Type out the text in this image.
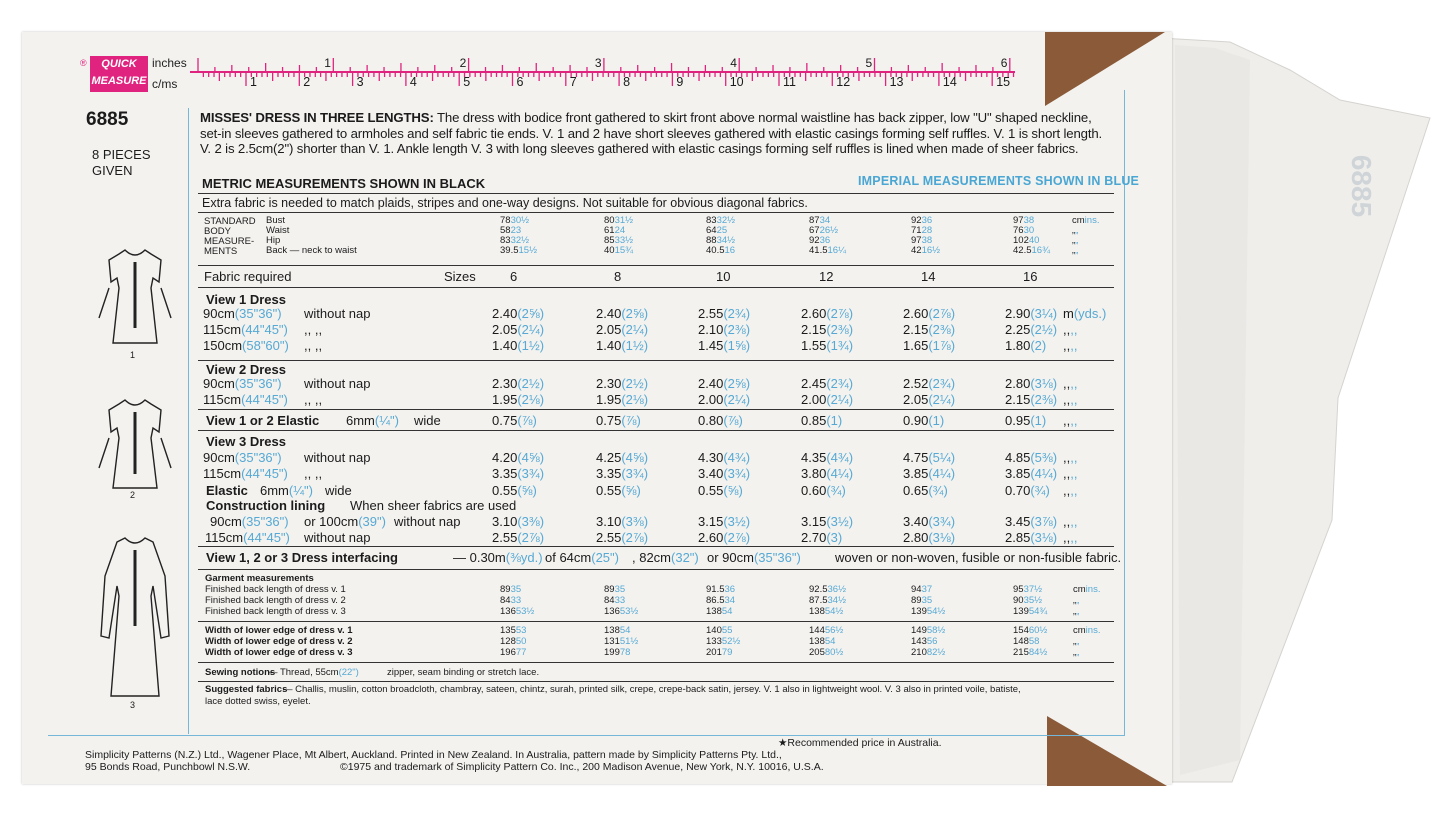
6885
®	QUICK
MEASURE
inches
c/ms
1	2	3	4	5	6
1	2	3	4	5	6	7	8	9	10	11	12	13	14	15
6885
8 PIECES
GIVEN
1
2
3
MISSES' DRESS IN THREE LENGTHS: The dress with bodice front gathered to skirt front above normal waistline has back zipper, low "U" shaped neckline, set-in sleeves gathered to armholes and self fabric tie ends. V. 1 and 2 have short sleeves gathered with elastic casings forming self ruffles. V. 1 is short length. V. 2 is 2.5cm(2") shorter than V. 1. Ankle length V. 3 with long sleeves gathered with elastic casings forming self ruffles is lined when made of sheer fabrics.
METRIC MEASUREMENTS SHOWN IN BLACK	IMPERIAL MEASUREMENTS SHOWN IN BLUE
Extra fabric is needed to match plaids, stripes and one-way designs. Not suitable for obvious diagonal fabrics.
STANDARD
BODY
MEASURE-
MENTS
Bust	7830½	8031½	8332½	8734	9236	9738	cmins.
Waist	5823	6124	6425	6726½	7128	7630	„„
Hip	8332½	8533½	8834½	9236	9738	10240	„„
Back — neck to waist	39.515½	4015¾	40.516	41.516¼	4216½	42.516¾ „„
Fabric required	Sizes	6	8	10	12	14	16
View 1 Dress
90cm(35"36") without nap	2.40(2⅝)	2.40(2⅝)	2.55(2¾)	2.60(2⅞)	2.60(2⅞)	2.90(3¼) m(yds.)
115cm(44"45") ,, ,,	2.05(2¼)	2.05(2¼)	2.10(2⅜)	2.15(2⅜)	2.15(2⅜)	2.25(2½) ,,,,
150cm(58"60") ,, ,,	1.40(1½)	1.40(1½)	1.45(1⅝)	1.55(1¾)	1.65(1⅞)	1.80(2) ,,,,
View 2 Dress
90cm(35"36") without nap	2.30(2½)	2.30(2½)	2.40(2⅝)	2.45(2¾)	2.52(2¾)	2.80(3⅛) ,,,,
115cm(44"45") ,, ,,	1.95(2⅛)	1.95(2⅛)	2.00(2¼)	2.00(2¼)	2.05(2¼)	2.15(2⅜) ,,,,
View 1 or 2 Elastic 6mm(¼") wide	0.75(⅞)	0.75(⅞)	0.80(⅞)	0.85(1)	0.90(1)	0.95(1) ,,,,
View 3 Dress
90cm(35"36") without nap	4.20(4⅝)	4.25(4⅝)	4.30(4¾)	4.35(4¾)	4.75(5¼)	4.85(5⅜) ,,,,
115cm(44"45") ,, ,,	3.35(3¾)	3.35(3¾)	3.40(3¾)	3.80(4¼)	3.85(4¼)	3.85(4¼) ,,,,
Elastic 6mm(¼") wide	0.55(⅝)	0.55(⅝)	0.55(⅝)	0.60(¾)	0.65(¾)	0.70(¾) ,,,,
Construction lining When sheer fabrics are used
90cm(35"36") or 100cm(39") without nap 3.10(3⅜)	3.10(3⅜)	3.15(3½)	3.15(3½)	3.40(3¾)	3.45(3⅞) ,,,,
115cm(44"45") without nap	2.55(2⅞)	2.55(2⅞)	2.60(2⅞)	2.70(3)	2.80(3⅛)	2.85(3⅛) ,,,,
View 1, 2 or 3 Dress interfacing	— 0.30m(⅜yd.) of 64cm(25") , 82cm(32") or 90cm(35"36")	woven or non-woven, fusible or non-fusible fabric.
Garment measurements
Finished back length of dress v. 1	8935	8935	91.536	92.536½	9437	9537½	cmins.
Finished back length of dress v. 2	8433	8433	86.534	87.534½	8935	9035½	„„
Finished back length of dress v. 3	13653½	13653½	13854	13854½	13954½	13954¾	„„
Width of lower edge of dress v. 1	13553	13854	14055	14456½	14958½	15460½	cmins.
Width of lower edge of dress v. 2	12850	13151½	13352½	13854	14356	14858	„„
Width of lower edge of dress v. 3	19677	19978	20179	20580½	21082½	21584½	„„
Sewing notions
— Thread, 55cm(22")	zipper, seam binding or stretch lace.
Suggested fabrics
— Challis, muslin, cotton broadcloth, chambray, sateen, chintz, surah, printed silk, crepe, crepe-back satin, jersey. V. 1 also in lightweight wool. V. 3 also in printed voile, batiste,
lace dotted swiss, eyelet.
★Recommended price in Australia.
Simplicity Patterns (N.Z.) Ltd., Wagener Place, Mt Albert, Auckland. Printed in New Zealand. In Australia, pattern made by Simplicity Patterns Pty. Ltd.,
95 Bonds Road, Punchbowl N.S.W.	©1975 and trademark of Simplicity Pattern Co. Inc., 200 Madison Avenue, New York, N.Y. 10016, U.S.A.
